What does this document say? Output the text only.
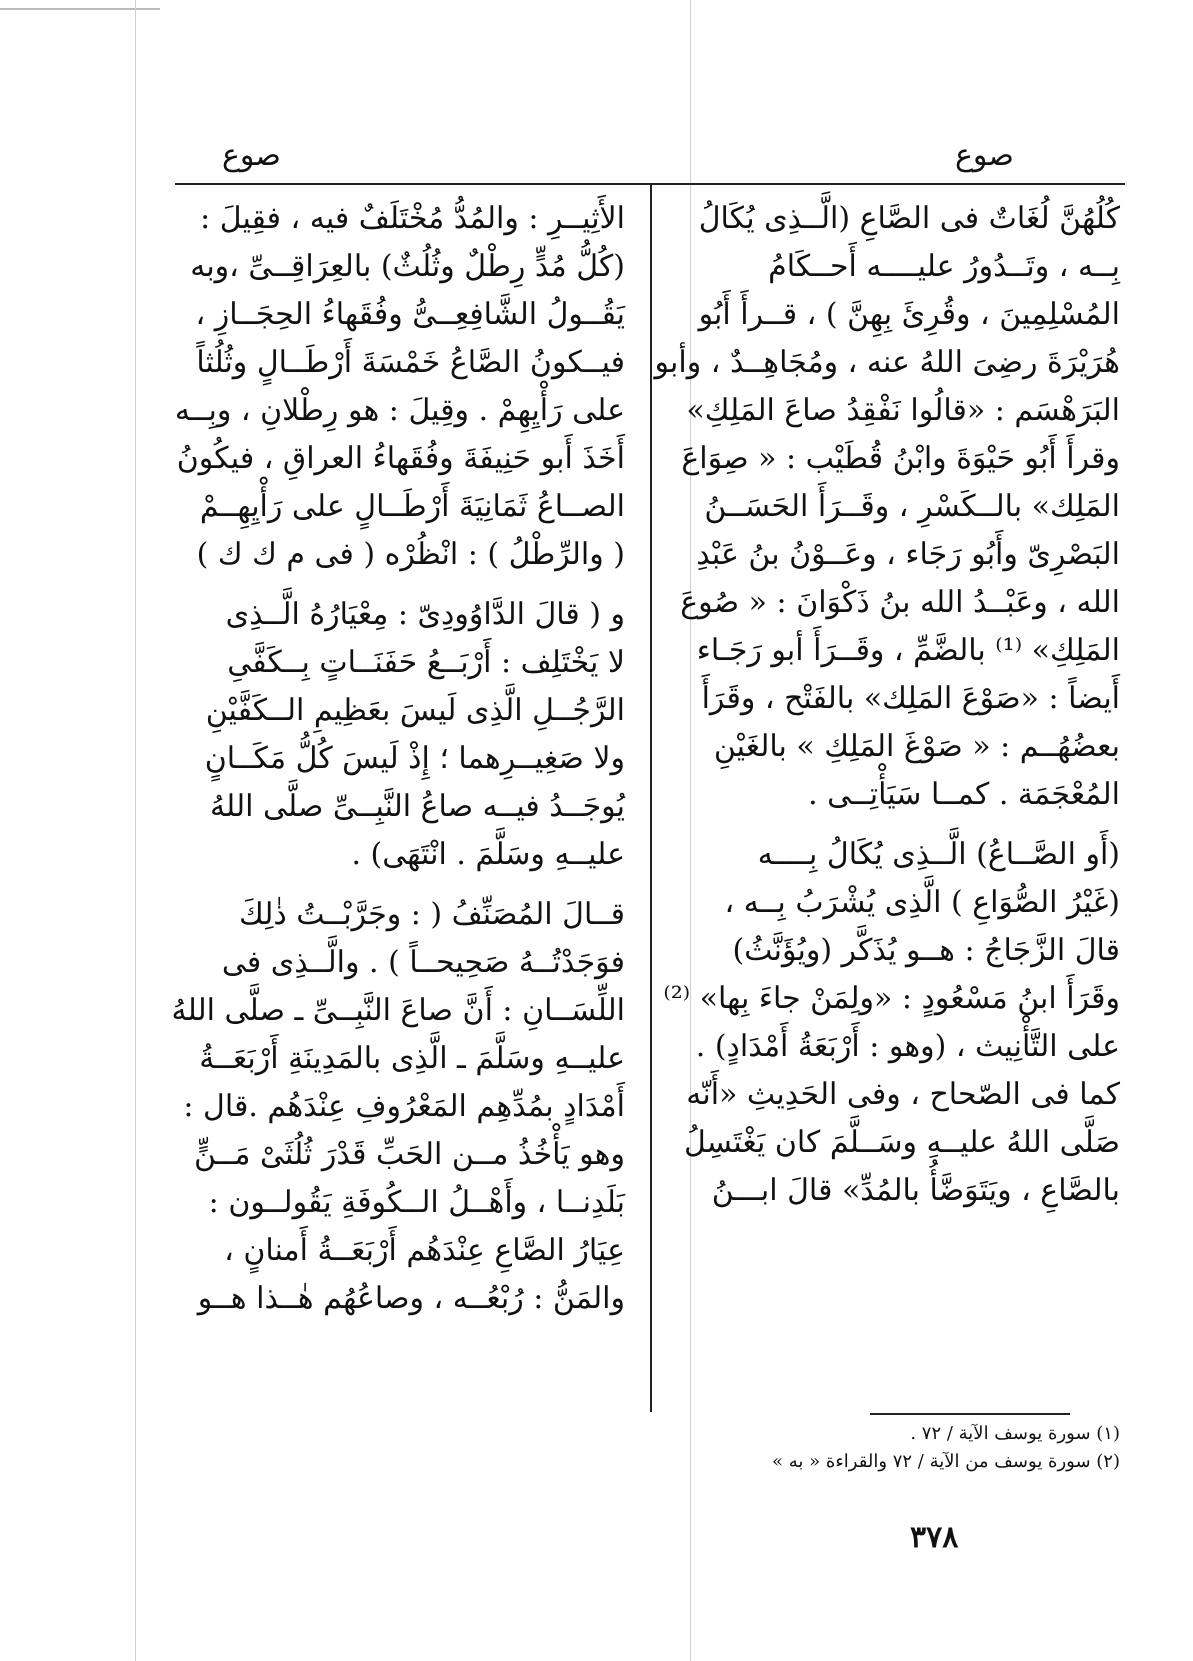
صوع
صوع
كُلُهُنَّ لُغَاتٌ فى الصَّاعِ (الَّــذِى يُكَالُ
بِــه ، وتَــدُورُ عليــــه أَحــكَامُ
المُسْلِمِينَ ، وقُرِئَ بِهِنَّ ) ، قــرأَ أَبُو
هُرَيْرَةَ رضِىَ اللهُ عنه ، ومُجَاهِــدٌ ، وأبو
البَرَهْسَم : «قالُوا نَفْقِدُ صاعَ المَلِكِ»
وقرأَ أَبُو حَيْوَةَ وابْنُ قُطَيْب : « صِوَاعَ
المَلِك» بالــكَسْرِ ، وقَــرَأَ الحَسَــنُ
البَصْرِىّ وأَبُو رَجَاء ، وعَــوْنُ بنُ عَبْدِ
الله ، وعَبْــدُ الله بنُ ذَكْوَانَ : « صُوعَ
المَلِكِ» ⁽¹⁾ بالضَّمِّ ، وقَــرَأَ أبو رَجَـاء
أَيضاً : «صَوْعَ المَلِك» بالفَتْح ، وقَرَأَ
بعضُهُــم : « صَوْغَ المَلِكِ » بالغَيْنِ
المُعْجَمَة . كمــا سَيَأْتِــى .
(أَو الصَّــاعُ) الَّــذِى يُكَالُ بِــــه
(غَيْرُ الصُّوَاعِ ) الَّذِى يُشْرَبُ بِــه ،
قالَ الزَّجَاجُ : هــو يُذَكَّر (ويُؤَنَّثُ)
وقَرَأَ ابنُ مَسْعُودٍ : «ولِمَنْ جاءَ بِها» ⁽²⁾
على التَّأْنِيث ، (وهو : أَرْبَعَةُ أَمْدَادٍ) .
كما فى الصّحاح ، وفى الحَدِيثِ «أَنّه
صَلَّى اللهُ عليــهِ وسَــلَّمَ كان يَغْتَسِلُ
بالصَّاعِ ، ويَتَوَضَّأُ بالمُدِّ» قالَ ابـــنُ
الأَثِيــرِ : والمُدُّ مُخْتَلَفٌ فيه ، فقِيلَ :
(كُلُّ مُدٍّ رِطْلٌ وثُلُثٌ) بالعِرَاقِــىِّ ،وبه
يَقُــولُ الشَّافِعِــىُّ وفُقَهاءُ الحِجَــازِ ،
فيــكونُ الصَّاعُ خَمْسَةَ أَرْطَــالٍ وثُلُثاً
على رَأْيِهِمْ . وقِيلَ : هو رِطْلانِ ، وبِــه
أَخَذَ أَبو حَنِيفَةَ وفُقَهاءُ العراقِ ، فيكُونُ
الصــاعُ ثَمَانِيَةَ أَرْطَــالٍ على رَأْيِهِــمْ
( والرِّطْلُ ) : انْظُرْه ( فى م ك ك )
و ( قالَ الدَّاوُودِىّ : مِعْيَارُهُ الَّــذِى
لا يَخْتَلِف : أَرْبَــعُ حَفَنَــاتٍ بِــكَفَّىِ
الرَّجُــلِ الَّذِى لَيسَ بعَظِيمِ الــكَفَّيْنِ
ولا صَغِيــرِهما ؛ إِذْ لَيسَ كُلُّ مَكَــانٍ
يُوجَــدُ فيــه صاعُ النَّبِــىِّ صلَّى اللهُ
عليــهِ وسَلَّمَ . انْتَهَى) .
قــالَ المُصَنِّفُ ( : وجَرَّبْــتُ ذٰلِكَ
فوَجَدْتُــهُ صَحِيحــاً ) . والَّــذِى فى
اللِّسَــانِ : أَنَّ صاعَ النَّبِــىِّ ـ صلَّى اللهُ
عليــهِ وسَلَّمَ ـ الَّذِى بالمَدِينَةِ أَرْبَعَــةُ
أَمْدَادٍ بمُدِّهِم المَعْرُوفِ عِنْدَهُم .قال :
وهو يَأْخُذُ مــن الحَبِّ قَدْرَ ثُلُثَىْ مَــنٍّ
بَلَدِنــا ، وأَهْــلُ الــكُوفَةِ يَقُولــون :
عِيَارُ الصَّاعِ عِنْدَهُم أَرْبَعَــةُ أَمنانٍ ،
والمَنُّ : رُبْعُــه ، وصاعُهُم هٰــذا هــو
(١) سورة يوسف الآية / ٧٢ .
(٢) سورة يوسف من الآية / ٧٢ والقراءة « به »
٣٧٨
